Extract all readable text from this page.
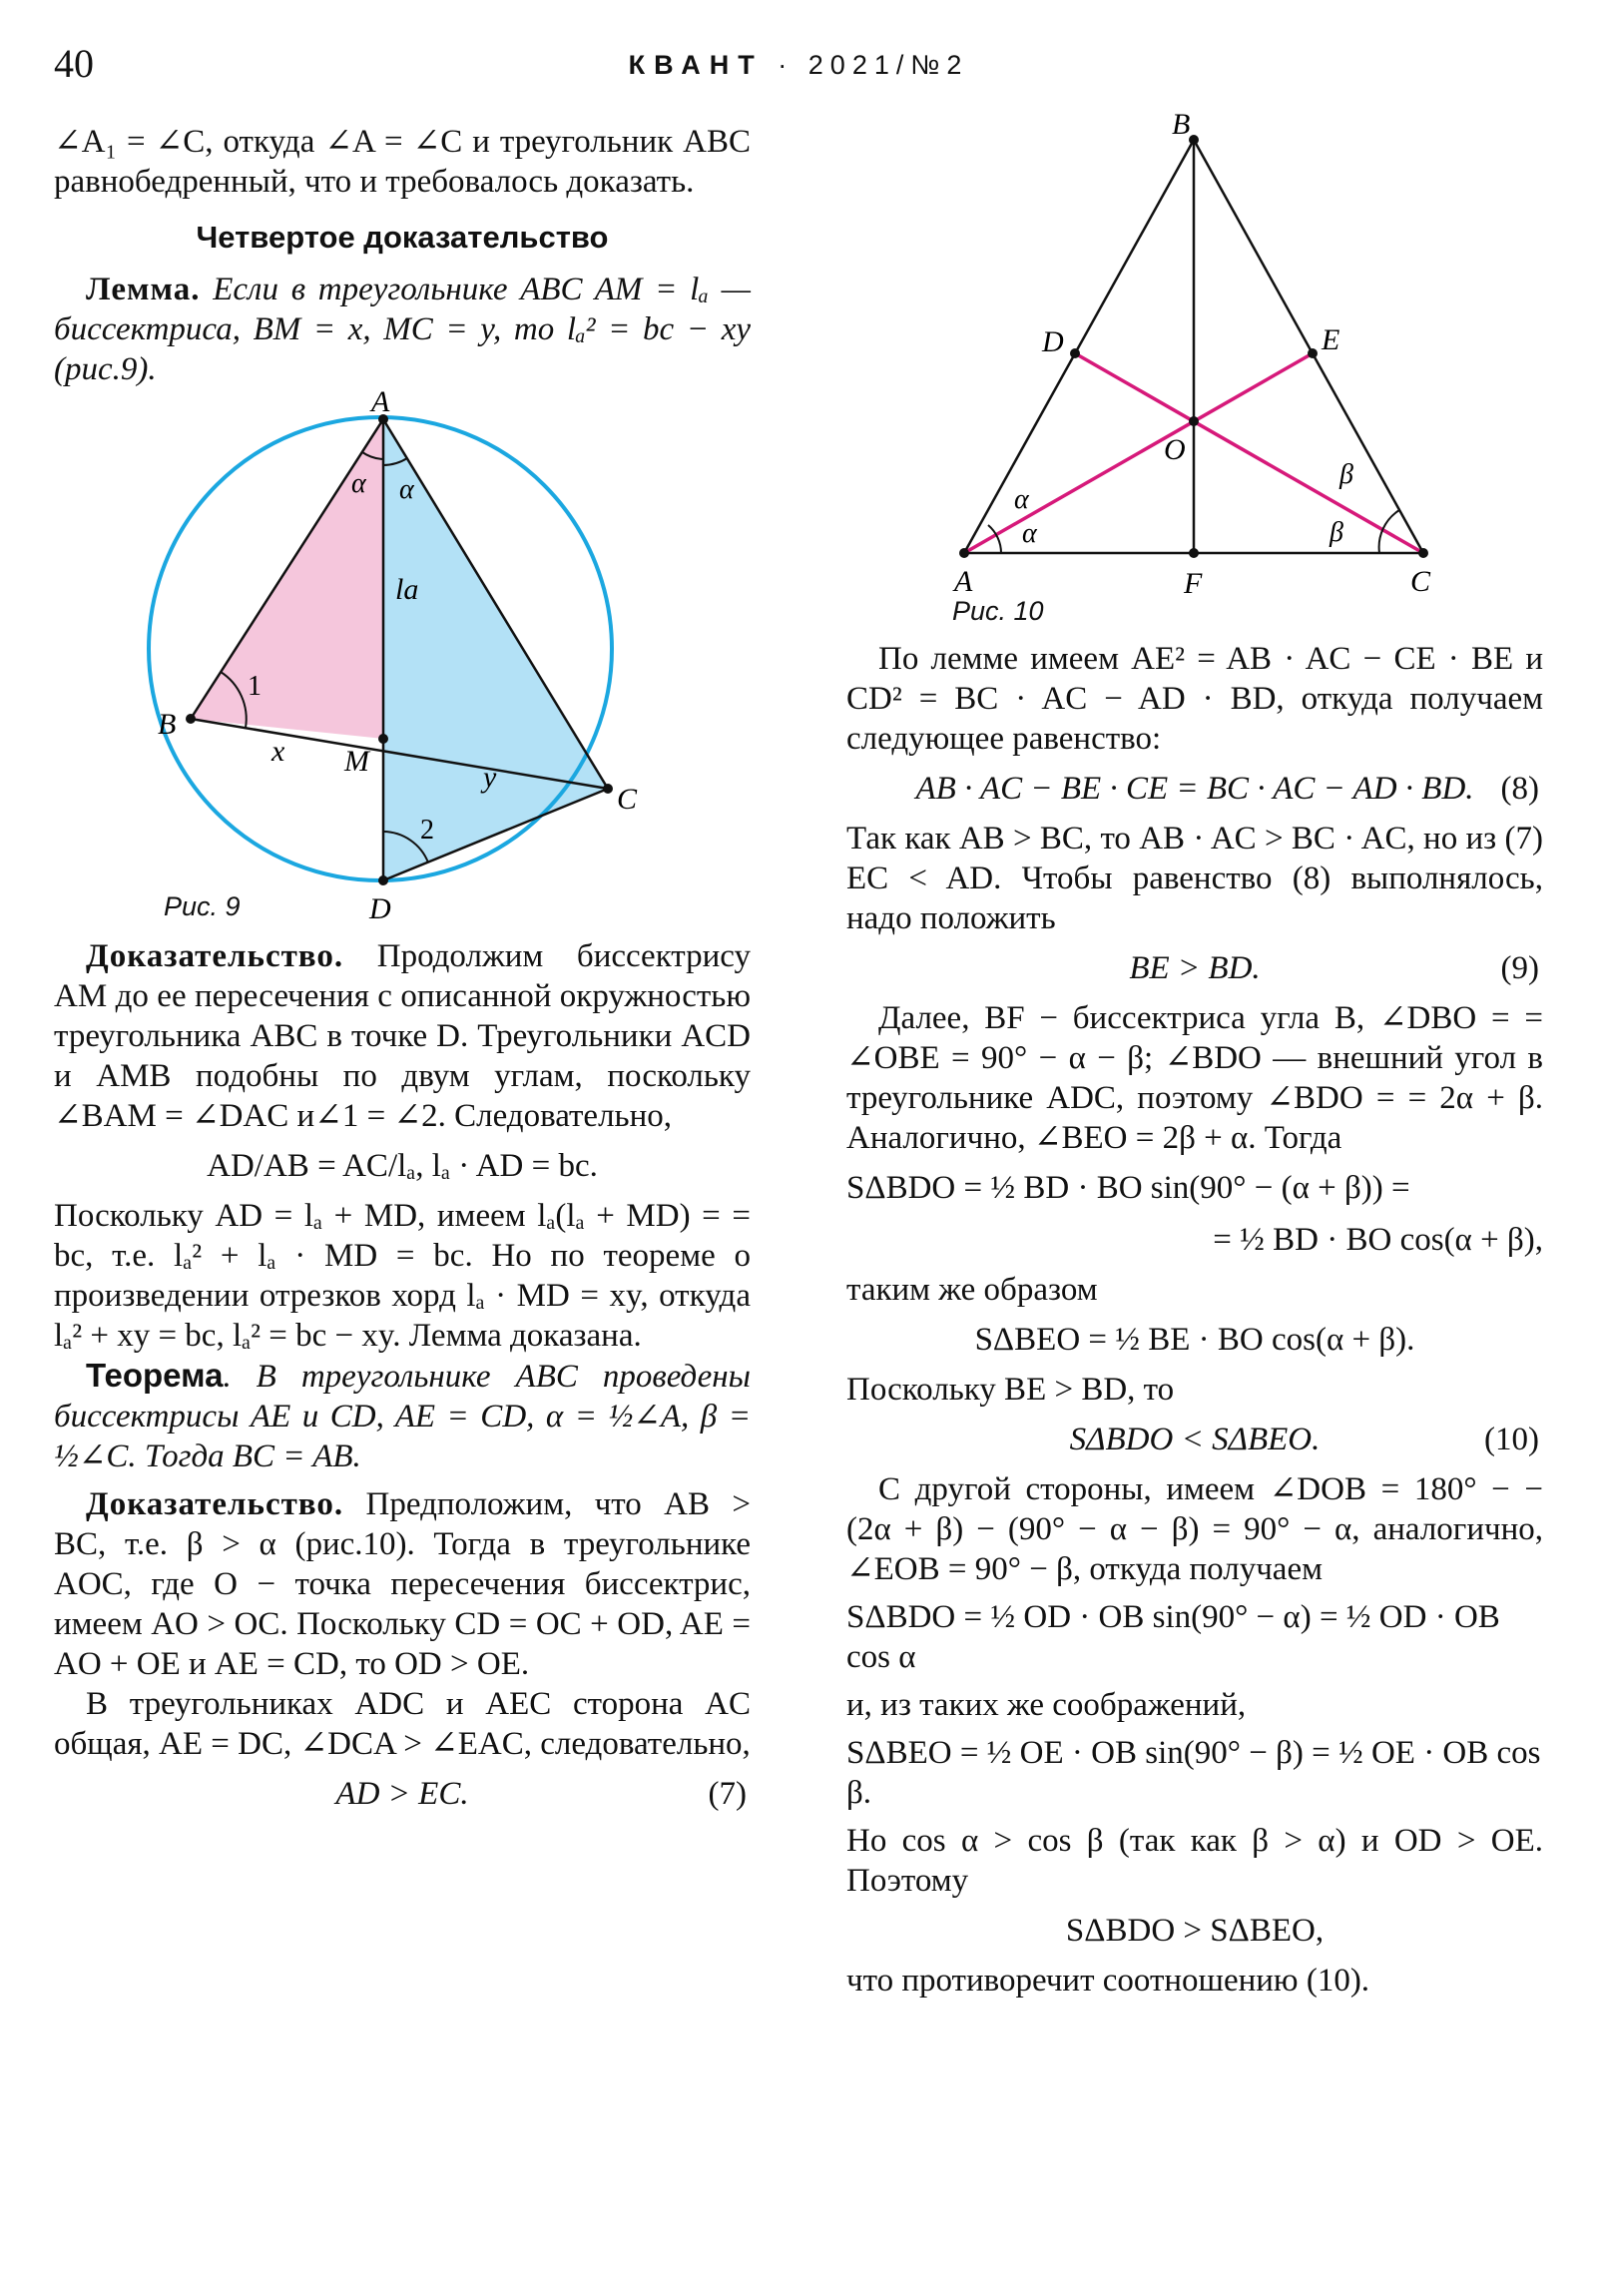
40	КВАНТ · 2021/№2

∠A₁ = ∠C, откуда ∠A = ∠C и треугольник ABC равнобедренный, что и требовалось доказать.

Четвертое доказательство

Лемма. Если в треугольнике ABC AM = lₐ — биссектриса, BM = x, MC = y, то lₐ² = bc − xy (рис.9).

A
B
C
M
D
la
x
y
α α
1
2
Рис. 9

Доказательство. Продолжим биссектрису AM до ее пересечения с описанной окружностью треугольника ABC в точке D. Треугольники ACD и AMB подобны по двум углам, поскольку ∠BAM = ∠DAC и∠1 = ∠2. Следовательно,

AD/AB = AC/lₐ, lₐ · AD = bc.

Поскольку AD = lₐ + MD, имеем lₐ(lₐ + MD) = = bc, т.е. lₐ² + lₐ · MD = bc. Но по теореме о произведении отрезков хорд lₐ · MD = xy, откуда lₐ² + xy = bc, lₐ² = bc − xy. Лемма доказана.

Теорема. В треугольнике ABC проведены биссектрисы AE и CD, AE = CD, α = ½∠A, β = ½∠C. Тогда BC = AB.

Доказательство. Предположим, что AB > BC, т.е. β > α (рис.10). Тогда в треугольнике AOC, где O − точка пересечения биссектрис, имеем AO > OC. Поскольку CD = OC + OD, AE = AO + OE и AE = CD, то OD > OE.

В треугольниках ADC и AEC сторона AC общая, AE = DC, ∠DCA > ∠EAC, следовательно,

AD > EC.	(7)
B
D	E
O
A	F	C
α
α
β
β
Рис. 10

По лемме имеем AE² = AB · AC − CE · BE и CD² = BC · AC − AD · BD, откуда получаем следующее равенство:

AB · AC − BE · CE = BC · AC − AD · BD. (8)

Так как AB > BC, то AB · AC > BC · AC, но из (7) EC < AD. Чтобы равенство (8) выполнялось, надо положить

BE > BD.	(9)

Далее, BF − биссектриса угла B, ∠DBO = = ∠OBE = 90° − α − β; ∠BDO — внешний угол в треугольнике ADC, поэтому ∠BDO = = 2α + β. Аналогично, ∠BEO = 2β + α. Тогда

SΔBDO = ½ BD · BO sin(90° − (α + β)) =
= ½ BD · BO cos(α + β),

таким же образом

SΔBEO = ½ BE · BO cos(α + β).

Поскольку BE > BD, то

SΔBDO < SΔBEO.	(10)

С другой стороны, имеем ∠DOB = 180° − − (2α + β) − (90° − α − β) = 90° − α, аналогично, ∠EOB = 90° − β, откуда получаем

SΔBDO = ½ OD · OB sin(90° − α) = ½ OD · OB cos α

и, из таких же соображений,

SΔBEO = ½ OE · OB sin(90° − β) = ½ OE · OB cos β.

Но cos α > cos β (так как β > α) и OD > OE. Поэтому

SΔBDO > SΔBEO,

что противоречит соотношению (10).
